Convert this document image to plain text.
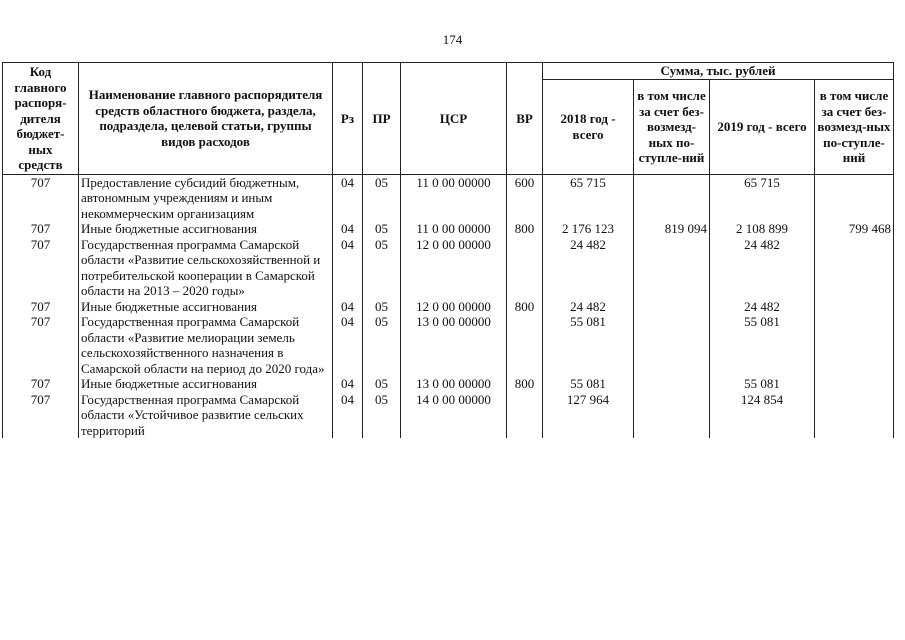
174
Код главного распоря-дителя бюджет-ных средств	Наименование главного распорядителя средств областного бюджета, раздела, подраздела, целевой статьи, группы видов расходов	Рз	ПР	ЦСР	ВР	Сумма, тыс. рублей			
						2018 год - всего	в том числе за счет без-возмезд-ных по-ступле-ний	2019 год - всего	в том числе за счет без-возмезд-ных по-ступле-ний
707	Предоставление субсидий бюджетным, автономным учреждениям и иным некоммерческим организациям	04	05	11 0 00 00000	600	65 715		65 715	
707	Иные бюджетные ассигнования	04	05	11 0 00 00000	800	2 176 123	819 094	2 108 899	799 468
707	Государственная программа Самарской области «Развитие сельскохозяйственной и потребительской кооперации в Самарской области на 2013 – 2020 годы»	04	05	12 0 00 00000		24 482		24 482	
707	Иные бюджетные ассигнования	04	05	12 0 00 00000	800	24 482		24 482	
707	Государственная программа Самарской области «Развитие мелиорации земель сельскохозяйственного назначения в Самарской области на период до 2020 года»	04	05	13 0 00 00000		55 081		55 081	
707	Иные бюджетные ассигнования	04	05	13 0 00 00000	800	55 081		55 081	
707	Государственная программа Самарской области «Устойчивое развитие сельских территорий	04	05	14 0 00 00000		127 964		124 854	
